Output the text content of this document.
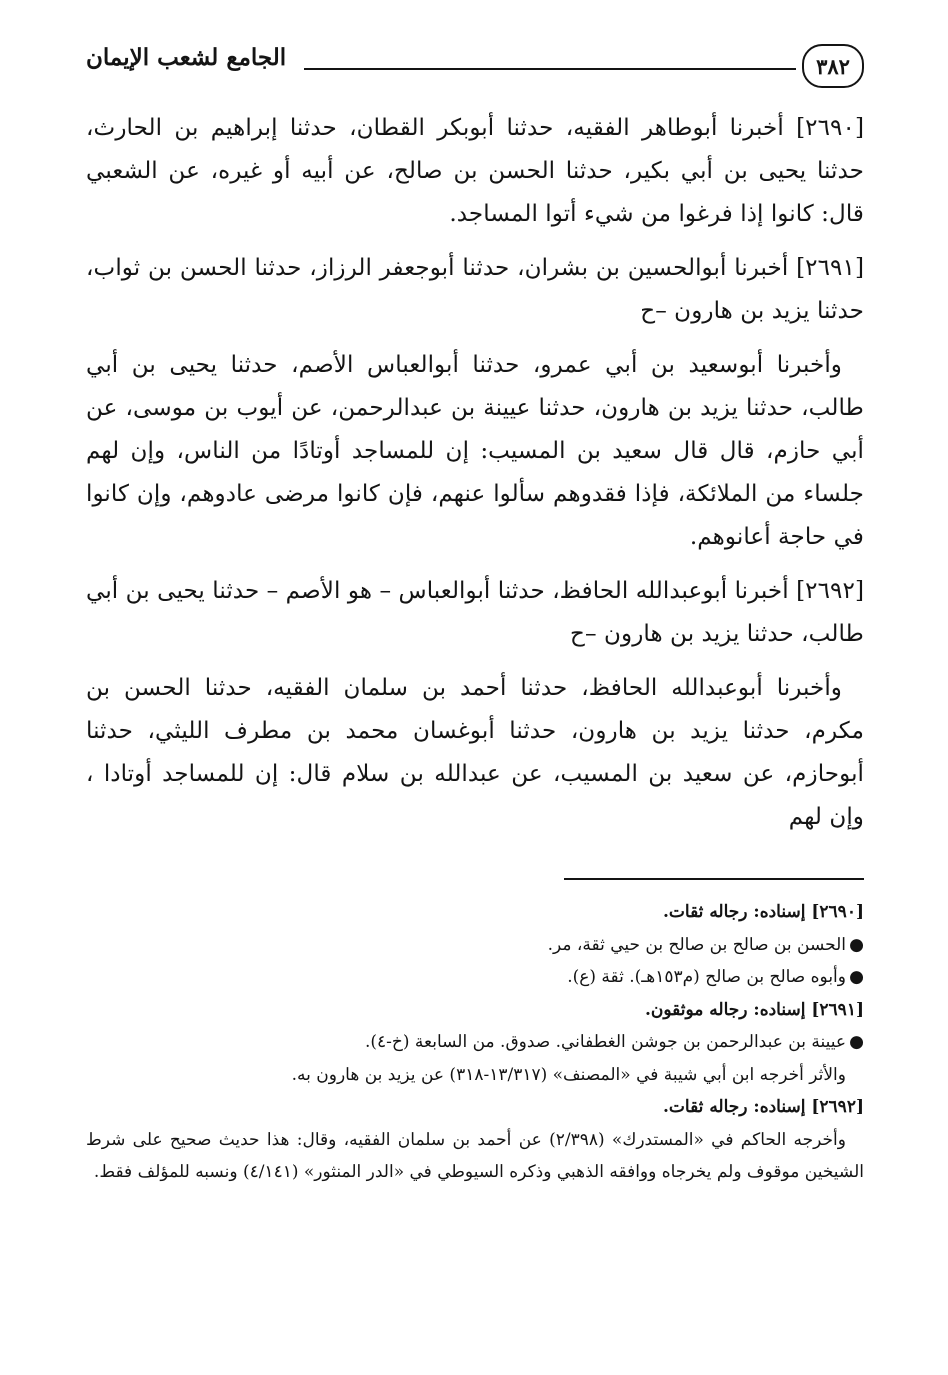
٣٨٢
الجامع لشعب الإيمان

[٢٦٩٠] أخبرنا أبوطاهر الفقيه، حدثنا أبوبكر القطان، حدثنا إبراهيم بن الحارث، حدثنا يحيى بن أبي بكير، حدثنا الحسن بن صالح، عن أبيه أو غيره، عن الشعبي قال: كانوا إذا فرغوا من شيء أتوا المساجد.

[٢٦٩١] أخبرنا أبوالحسين بن بشران، حدثنا أبوجعفر الرزاز، حدثنا الحسن بن ثواب، حدثنا يزيد بن هارون –ح

وأخبرنا أبوسعيد بن أبي عمرو، حدثنا أبوالعباس الأصم، حدثنا يحيى بن أبي طالب، حدثنا يزيد بن هارون، حدثنا عيينة بن عبدالرحمن، عن أيوب بن موسى، عن أبي حازم، قال قال سعيد بن المسيب: إن للمساجد أوتادًا من الناس، وإن لهم جلساء من الملائكة، فإذا فقدوهم سألوا عنهم، فإن كانوا مرضى عادوهم، وإن كانوا في حاجة أعانوهم.

[٢٦٩٢] أخبرنا أبوعبدالله الحافظ، حدثنا أبوالعباس – هو الأصم – حدثنا يحيى بن أبي طالب، حدثنا يزيد بن هارون –ح

وأخبرنا أبوعبدالله الحافظ، حدثنا أحمد بن سلمان الفقيه، حدثنا الحسن بن مكرم، حدثنا يزيد بن هارون، حدثنا أبوغسان محمد بن مطرف الليثي، حدثنا أبوحازم، عن سعيد بن المسيب، عن عبدالله بن سلام قال: إن للمساجد أوتادا ، وإن لهم

[٢٦٩٠] إسناده: رجاله ثقات.

●
الحسن بن صالح بن صالح بن حيي ثقة، مر.

●
وأبوه صالح بن صالح (م١٥٣هـ). ثقة (ع).

[٢٦٩١] إسناده: رجاله موثقون.

●
عيينة بن عبدالرحمن بن جوشن الغطفاني. صدوق. من السابعة (خ-٤).

والأثر أخرجه ابن أبي شيبة في «المصنف» (١٣/٣١٧-٣١٨) عن يزيد بن هارون به.

[٢٦٩٢] إسناده: رجاله ثقات.

وأخرجه الحاكم في «المستدرك» (٢/٣٩٨) عن أحمد بن سلمان الفقيه، وقال: هذا حديث صحيح على شرط الشيخين موقوف ولم يخرجاه ووافقه الذهبي وذكره السيوطي في «الدر المنثور» (٤/١٤١) ونسبه للمؤلف فقط.
